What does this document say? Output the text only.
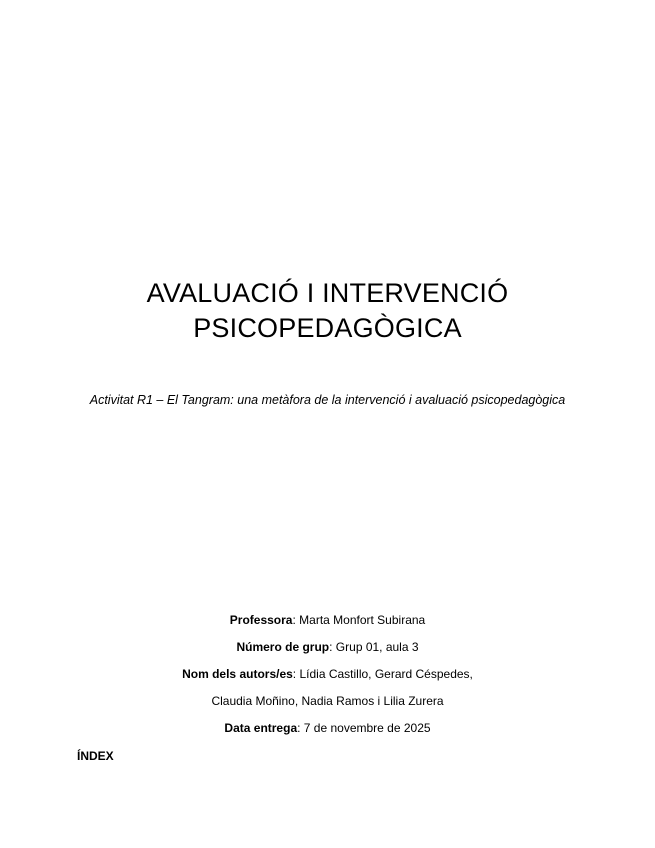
AVALUACIÓ I INTERVENCIÓ
PSICOPEDAGÒGICA
Activitat R1 – El Tangram: una metàfora de la intervenció i avaluació psicopedagògica
Professora: Marta Monfort Subirana
Número de grup: Grup 01, aula 3
Nom dels autors/es: Lídia Castillo, Gerard Céspedes,
Claudia Moñino, Nadia Ramos i Lilia Zurera
Data entrega: 7 de novembre de 2025
ÍNDEX
